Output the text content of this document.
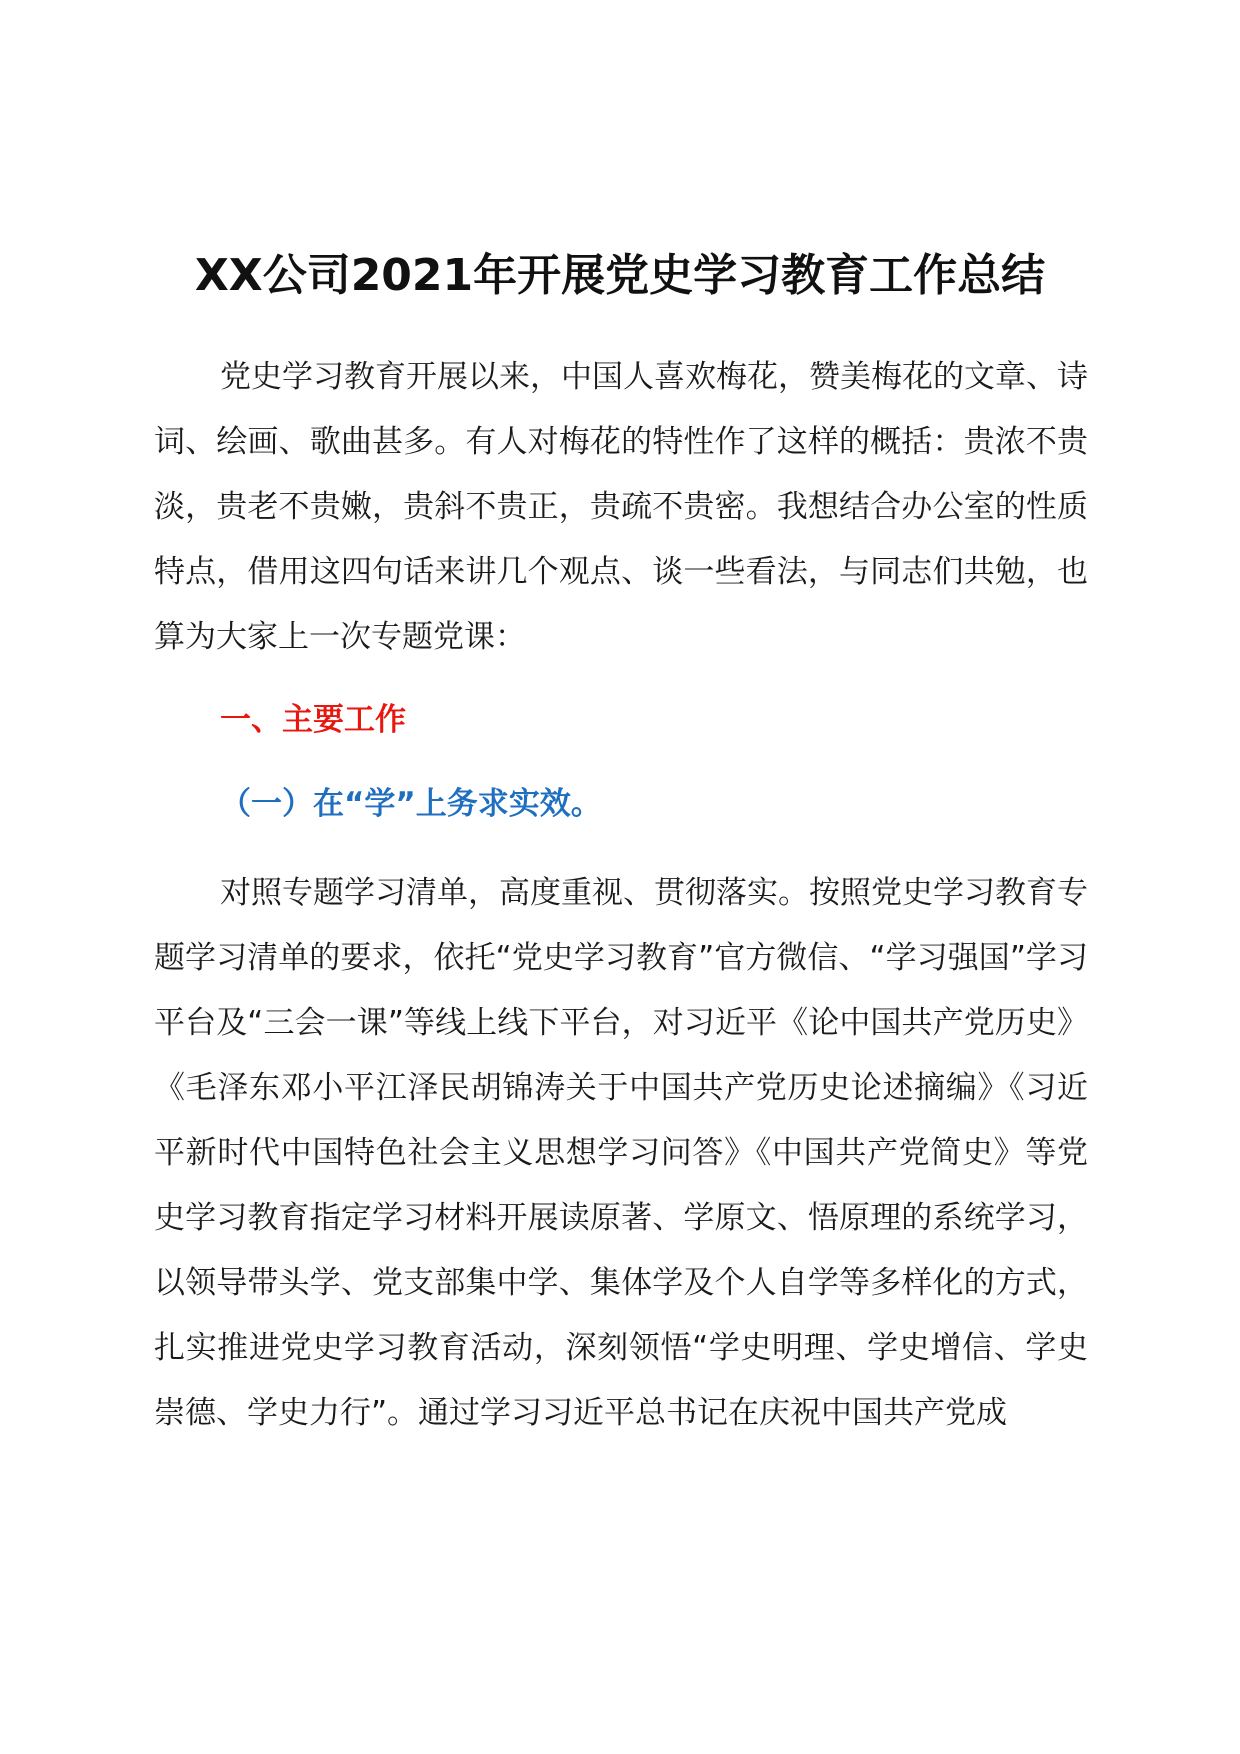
XX公司2021年开展党史学习教育工作总结

党史学习教育开展以来，中国人喜欢梅花，赞美梅花的文章、诗词、绘画、歌曲甚多。有人对梅花的特性作了这样的概括：贵浓不贵淡，贵老不贵嫩，贵斜不贵正，贵疏不贵密。我想结合办公室的性质特点，借用这四句话来讲几个观点、谈一些看法，与同志们共勉，也算为大家上一次专题党课：

一、主要工作
（一）在“学”上务求实效。

对照专题学习清单，高度重视、贯彻落实。按照党史学习教育专题学习清单的要求，依托“党史学习教育”官方微信、“学习强国”学习平台及“三会一课”等线上线下平台，对习近平《论中国共产党历史》《毛泽东邓小平江泽民胡锦涛关于中国共产党历史论述摘编》《习近平新时代中国特色社会主义思想学习问答》《中国共产党简史》等党史学习教育指定学习材料开展读原著、学原文、悟原理的系统学习，以领导带头学、党支部集中学、集体学及个人自学等多样化的方式，扎实推进党史学习教育活动，深刻领悟“学史明理、学史增信、学史崇德、学史力行”。通过学习习近平总书记在庆祝中国共产党成
